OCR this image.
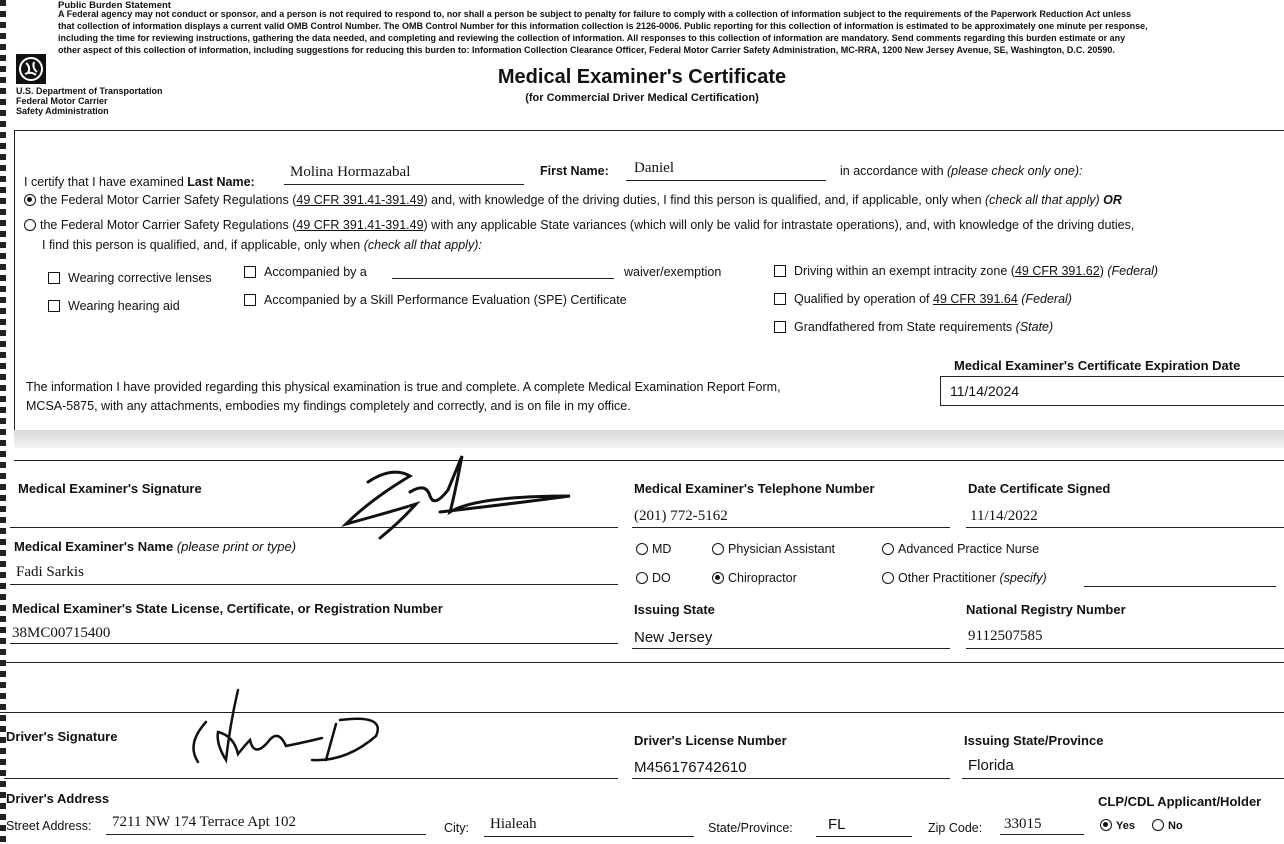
Public Burden Statement
A Federal agency may not conduct or sponsor, and a person is not required to respond to, nor shall a person be subject to penalty for failure to comply with a collection of information subject to the requirements of the Paperwork Reduction Act unless
that collection of information displays a current valid OMB Control Number. The OMB Control Number for this information collection is 2126-0006. Public reporting for this collection of information is estimated to be approximately one minute per response,
including the time for reviewing instructions, gathering the data needed, and completing and reviewing the collection of information. All responses to this collection of information are mandatory. Send comments regarding this burden estimate or any
other aspect of this collection of information, including suggestions for reducing this burden to: Information Collection Clearance Officer, Federal Motor Carrier Safety Administration, MC-RRA, 1200 New Jersey Avenue, SE, Washington, D.C. 20590.
U.S. Department of Transportation
Federal Motor Carrier
Safety Administration
Medical Examiner's Certificate
(for Commercial Driver Medical Certification)
I certify that I have examined Last Name:
Molina Hormazabal	First Name: Daniel	in accordance with (please check only one):
the Federal Motor Carrier Safety Regulations (49 CFR 391.41-391.49) and, with knowledge of the driving duties, I find this person is qualified, and, if applicable, only when (check all that apply) OR
the Federal Motor Carrier Safety Regulations (49 CFR 391.41-391.49) with any applicable State variances (which will only be valid for intrastate operations), and, with knowledge of the driving duties,
I find this person is qualified, and, if applicable, only when (check all that apply):
Wearing corrective lenses
Wearing hearing aid
Accompanied by a	waiver/exemption
Accompanied by a Skill Performance Evaluation (SPE) Certificate
Driving within an exempt intracity zone (49 CFR 391.62) (Federal)
Qualified by operation of 49 CFR 391.64 (Federal)
Grandfathered from State requirements (State)
The information I have provided regarding this physical examination is true and complete. A complete Medical Examination Report Form,
MCSA-5875, with any attachments, embodies my findings completely and correctly, and is on file in my office.
Medical Examiner's Certificate Expiration Date
11/14/2024
Medical Examiner's Signature	Medical Examiner's Telephone Number
(201) 772-5162
Date Certificate Signed
11/14/2022
Medical Examiner's Name (please print or type)
Fadi Sarkis
MD	Physician Assistant	Advanced Practice Nurse
DO	Chiropractor	Other Practitioner (specify)
Medical Examiner's State License, Certificate, or Registration Number
38MC00715400
Issuing State
New Jersey
National Registry Number
9112507585
Driver's Signature	Driver's License Number
M456176742610
Issuing State/Province
Florida
Driver's Address
Street Address: 7211 NW 174 Terrace Apt 102	City: Hialeah	State/Province: FL	Zip Code: 33015
CLP/CDL Applicant/Holder
Yes	No
